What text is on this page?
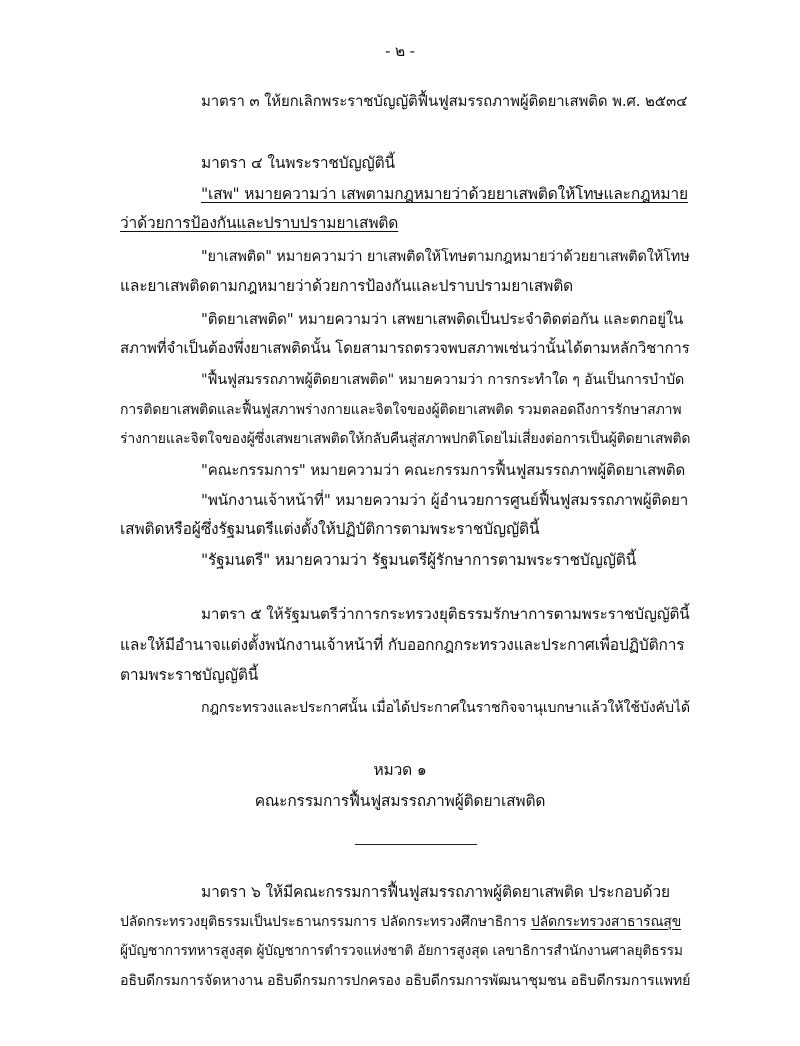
- ๒ -
มาตรา ๓ ให้ยกเลิกพระราชบัญญัติฟื้นฟูสมรรถภาพผู้ติดยาเสพติด พ.ศ. ๒๕๓๔
มาตรา ๔ ในพระราชบัญญัตินี้
"เสพ" หมายความว่า เสพตามกฎหมายว่าด้วยยาเสพติดให้โทษและกฎหมาย
ว่าด้วยการป้องกันและปราบปรามยาเสพติด
"ยาเสพติด" หมายความว่า ยาเสพติดให้โทษตามกฎหมายว่าด้วยยาเสพติดให้โทษ
และยาเสพติดตามกฎหมายว่าด้วยการป้องกันและปราบปรามยาเสพติด
"ติดยาเสพติด" หมายความว่า เสพยาเสพติดเป็นประจำติดต่อกัน และตกอยู่ใน
สภาพที่จำเป็นต้องพึ่งยาเสพติดนั้น โดยสามารถตรวจพบสภาพเช่นว่านั้นได้ตามหลักวิชาการ
"ฟื้นฟูสมรรถภาพผู้ติดยาเสพติด" หมายความว่า การกระทำใด ๆ อันเป็นการบำบัด
การติดยาเสพติดและฟื้นฟูสภาพร่างกายและจิตใจของผู้ติดยาเสพติด รวมตลอดถึงการรักษาสภาพ
ร่างกายและจิตใจของผู้ซึ่งเสพยาเสพติดให้กลับคืนสู่สภาพปกติโดยไม่เสี่ยงต่อการเป็นผู้ติดยาเสพติด
"คณะกรรมการ" หมายความว่า คณะกรรมการฟื้นฟูสมรรถภาพผู้ติดยาเสพติด
"พนักงานเจ้าหน้าที่" หมายความว่า ผู้อำนวยการศูนย์ฟื้นฟูสมรรถภาพผู้ติดยา
เสพติดหรือผู้ซึ่งรัฐมนตรีแต่งตั้งให้ปฏิบัติการตามพระราชบัญญัตินี้
"รัฐมนตรี" หมายความว่า รัฐมนตรีผู้รักษาการตามพระราชบัญญัตินี้
มาตรา ๕ ให้รัฐมนตรีว่าการกระทรวงยุติธรรมรักษาการตามพระราชบัญญัตินี้
และให้มีอำนาจแต่งตั้งพนักงานเจ้าหน้าที่ กับออกกฎกระทรวงและประกาศเพื่อปฏิบัติการ
ตามพระราชบัญญัตินี้
กฎกระทรวงและประกาศนั้น เมื่อได้ประกาศในราชกิจจานุเบกษาแล้วให้ใช้บังคับได้
หมวด ๑
คณะกรรมการฟื้นฟูสมรรถภาพผู้ติดยาเสพติด
มาตรา ๖ ให้มีคณะกรรมการฟื้นฟูสมรรถภาพผู้ติดยาเสพติด ประกอบด้วย
ปลัดกระทรวงยุติธรรมเป็นประธานกรรมการ ปลัดกระทรวงศึกษาธิการ ปลัดกระทรวงสาธารณสุข
ผู้บัญชาการทหารสูงสุด ผู้บัญชาการตำรวจแห่งชาติ อัยการสูงสุด เลขาธิการสำนักงานศาลยุติธรรม
อธิบดีกรมการจัดหางาน อธิบดีกรมการปกครอง อธิบดีกรมการพัฒนาชุมชน อธิบดีกรมการแพทย์
